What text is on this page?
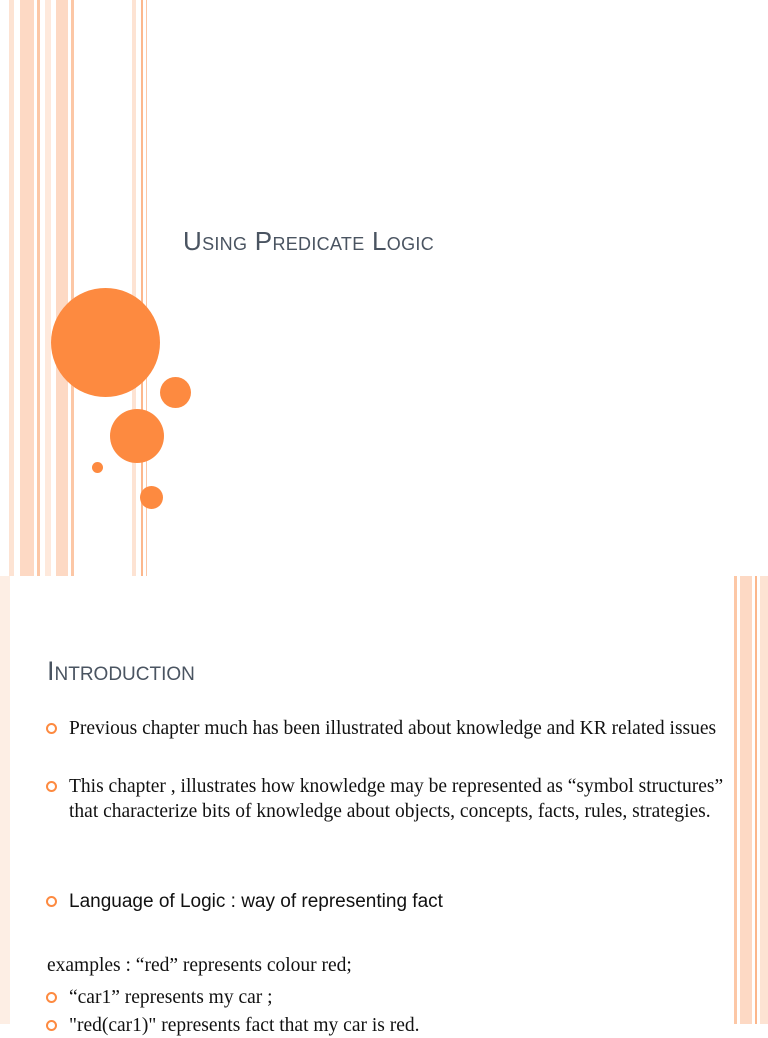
Using Predicate Logic
Introduction
Previous chapter much has been illustrated about knowledge and KR related issues
This chapter , illustrates how knowledge may be represented as “symbol structures” that characterize bits of knowledge about objects, concepts, facts, rules, strategies.
Language of Logic : way of representing fact
examples : “red” represents colour red;
“car1” represents my car ;
"red(car1)" represents fact that my car is red.
